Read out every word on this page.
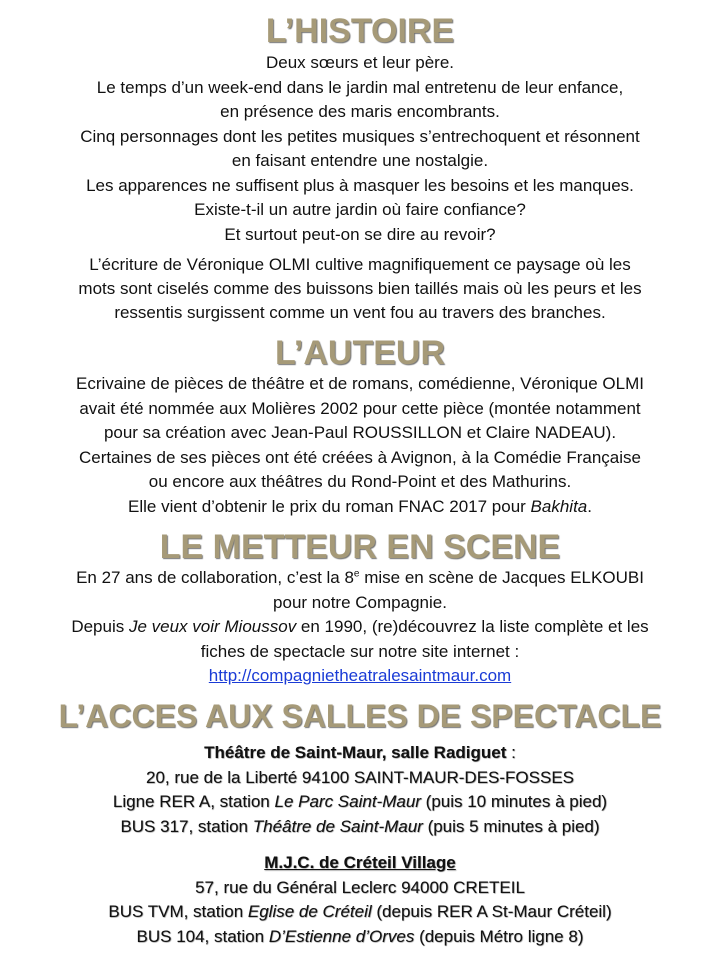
L’HISTOIRE
Deux sœurs et leur père.
Le temps d’un week-end dans le jardin mal entretenu de leur enfance,
en présence des maris encombrants.
Cinq personnages dont les petites musiques s’entrechoquent et résonnent
en faisant entendre une nostalgie.
Les apparences ne suffisent plus à masquer les besoins et les manques.
Existe-t-il un autre jardin où faire confiance?
Et surtout peut-on se dire au revoir?
L’écriture de Véronique OLMI cultive magnifiquement ce paysage où les
mots sont ciselés comme des buissons bien taillés mais où les peurs et les
ressentis surgissent comme un vent fou au travers des branches.
L’AUTEUR
Ecrivaine de pièces de théâtre et de romans, comédienne, Véronique OLMI
avait été nommée aux Molières 2002 pour cette pièce (montée notamment
pour sa création avec Jean-Paul ROUSSILLON et Claire NADEAU).
Certaines de ses pièces ont été créées à Avignon, à la Comédie Française
ou encore aux théâtres du Rond-Point et des Mathurins.
Elle vient d’obtenir le prix du roman FNAC 2017 pour Bakhita.
LE METTEUR EN SCENE
En 27 ans de collaboration, c’est la 8e mise en scène de Jacques ELKOUBI
pour notre Compagnie.
Depuis Je veux voir Mioussov en 1990, (re)découvrez la liste complète et les
fiches de spectacle sur notre site internet :
http://compagnietheatralesaintmaur.com
L’ACCES AUX SALLES DE SPECTACLE
Théâtre de Saint-Maur, salle Radiguet :
20, rue de la Liberté 94100 SAINT-MAUR-DES-FOSSES
Ligne RER A, station Le Parc Saint-Maur (puis 10 minutes à pied)
BUS 317, station Théâtre de Saint-Maur (puis 5 minutes à pied)
M.J.C. de Créteil Village
57, rue du Général Leclerc 94000 CRETEIL
BUS TVM, station Eglise de Créteil (depuis RER A St-Maur Créteil)
BUS 104, station D’Estienne d’Orves (depuis Métro ligne 8)
